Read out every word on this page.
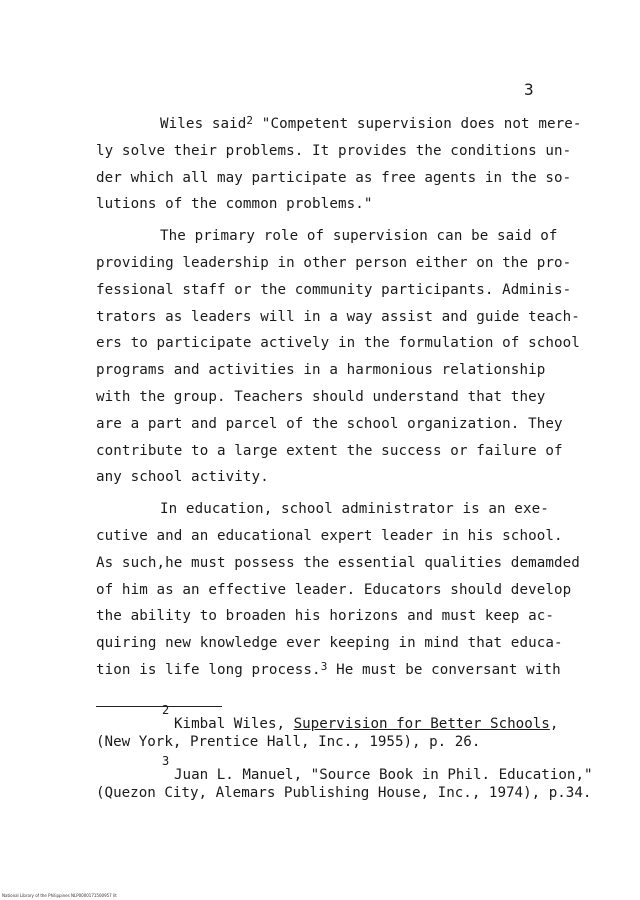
3
Wiles said$^2$ "Competent supervision does not mere-
ly solve their problems. It provides the conditions un-
der which all may participate as free agents in the so-
lutions of the common problems."
The primary role of supervision can be said of
providing leadership in other person either on the pro-
fessional staff or the community participants. Adminis-
trators as leaders will in a way assist and guide teach-
ers to participate actively in the formulation of school
programs and activities in a harmonious relationship
with the group. Teachers should understand that they
are a part and parcel of the school organization. They
contribute to a large extent the success or failure of
any school activity.
In education, school administrator is an exe-
cutive and an educational expert leader in his school.
As such,he must possess the essential qualities demamded
of him as an effective leader. Educators should develop
the ability to broaden his horizons and must keep ac-
quiring new knowledge ever keeping in mind that educa-
tion is life long process.$^3$ He must be conversant with
2
Kimbal Wiles, Supervision for Better Schools,
(New York, Prentice Hall, Inc., 1955), p. 26.
3
Juan L. Manuel, "Source Book in Phil. Education,"
(Quezon City, Alemars Publishing House, Inc., 1974), p.34.
National Library of the Philippines NLP0000171500957 lit
